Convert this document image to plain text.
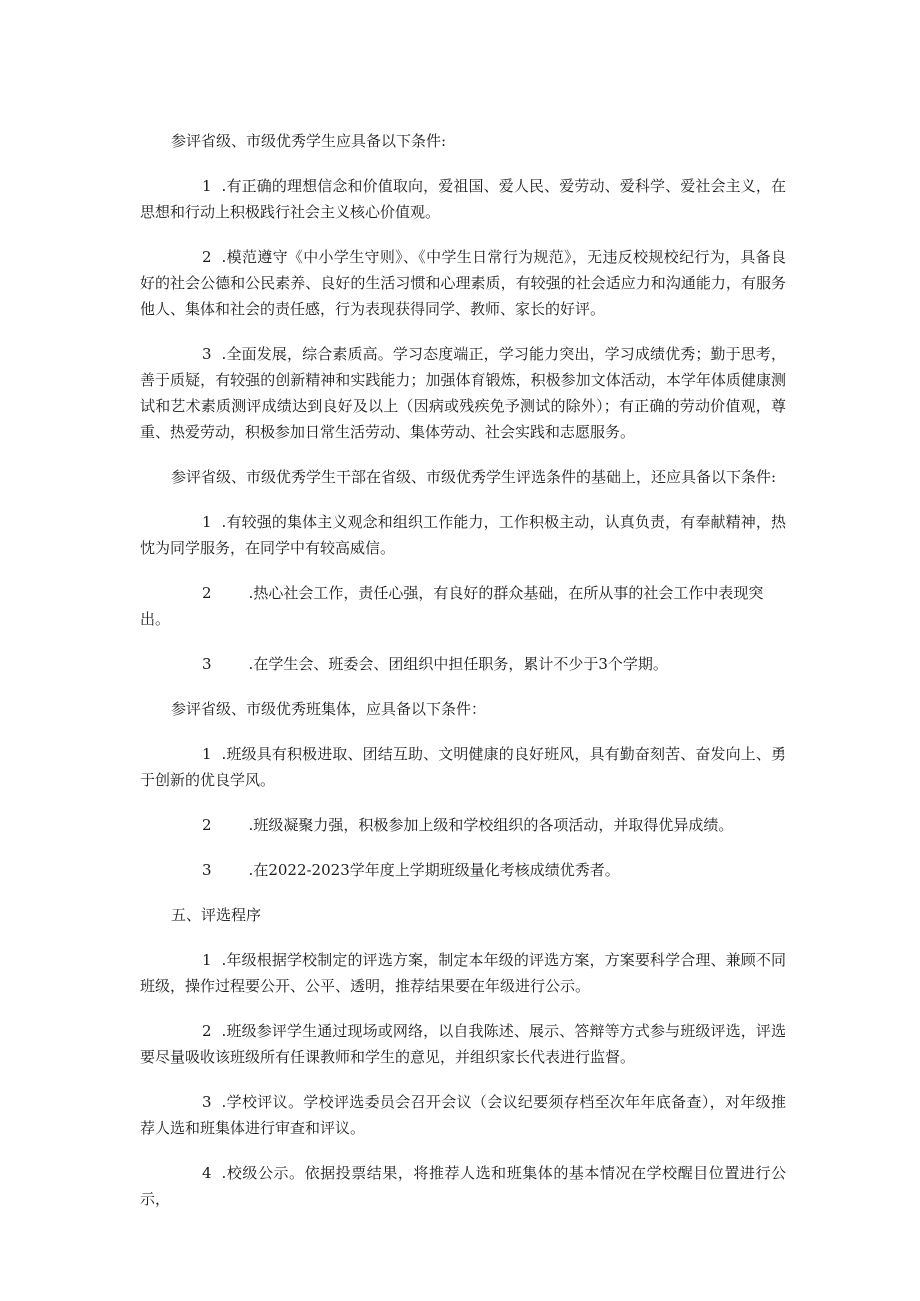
参评省级、市级优秀学生应具备以下条件:

1 .有正确的理想信念和价值取向，爱祖国、爱人民、爱劳动、爱科学、爱社会主义，在思想和行动上积极践行社会主义核心价值观。

2 .模范遵守《中小学生守则》、《中学生日常行为规范》，无违反校规校纪行为，具备良好的社会公德和公民素养、良好的生活习惯和心理素质，有较强的社会适应力和沟通能力，有服务他人、集体和社会的责任感，行为表现获得同学、教师、家长的好评。

3 .全面发展，综合素质高。学习态度端正，学习能力突出，学习成绩优秀；勤于思考，善于质疑，有较强的创新精神和实践能力；加强体育锻炼，积极参加文体活动，本学年体质健康测试和艺术素质测评成绩达到良好及以上（因病或残疾免予测试的除外）；有正确的劳动价值观，尊重、热爱劳动，积极参加日常生活劳动、集体劳动、社会实践和志愿服务。

参评省级、市级优秀学生干部在省级、市级优秀学生评选条件的基础上，还应具备以下条件:

1 .有较强的集体主义观念和组织工作能力，工作积极主动，认真负责，有奉献精神，热忱为同学服务，在同学中有较高威信。

2 .热心社会工作，责任心强，有良好的群众基础，在所从事的社会工作中表现突出。

3 .在学生会、班委会、团组织中担任职务，累计不少于3个学期。

参评省级、市级优秀班集体，应具备以下条件：

1 .班级具有积极进取、团结互助、文明健康的良好班风，具有勤奋刻苦、奋发向上、勇于创新的优良学风。

2 .班级凝聚力强，积极参加上级和学校组织的各项活动，并取得优异成绩。

3 .在2022-2023学年度上学期班级量化考核成绩优秀者。

五、评选程序

1 .年级根据学校制定的评选方案，制定本年级的评选方案，方案要科学合理、兼顾不同班级，操作过程要公开、公平、透明，推荐结果要在年级进行公示。

2 .班级参评学生通过现场或网络，以自我陈述、展示、答辩等方式参与班级评选，评选要尽量吸收该班级所有任课教师和学生的意见，并组织家长代表进行监督。

3 .学校评议。学校评选委员会召开会议（会议纪要须存档至次年年底备查），对年级推荐人选和班集体进行审查和评议。

4 .校级公示。依据投票结果，将推荐人选和班集体的基本情况在学校醒目位置进行公示，
